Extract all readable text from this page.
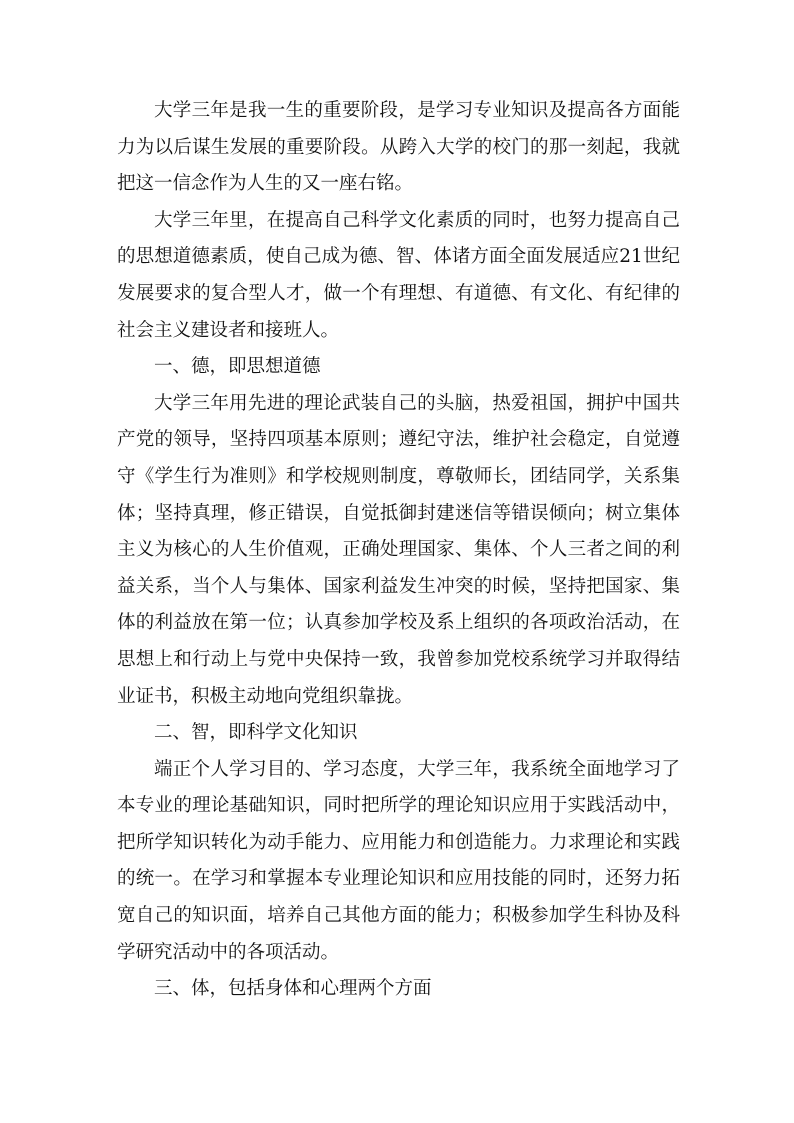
大学三年是我一生的重要阶段，是学习专业知识及提高各方面能力为以后谋生发展的重要阶段。从跨入大学的校门的那一刻起，我就把这一信念作为人生的又一座右铭。

大学三年里，在提高自己科学文化素质的同时，也努力提高自己的思想道德素质，使自己成为德、智、体诸方面全面发展适应21世纪发展要求的复合型人才，做一个有理想、有道德、有文化、有纪律的社会主义建设者和接班人。

一、德，即思想道德

大学三年用先进的理论武装自己的头脑，热爱祖国，拥护中国共产党的领导，坚持四项基本原则；遵纪守法，维护社会稳定，自觉遵守《学生行为准则》和学校规则制度，尊敬师长，团结同学，关系集体；坚持真理，修正错误，自觉抵御封建迷信等错误倾向；树立集体主义为核心的人生价值观，正确处理国家、集体、个人三者之间的利益关系，当个人与集体、国家利益发生冲突的时候，坚持把国家、集体的利益放在第一位；认真参加学校及系上组织的各项政治活动，在思想上和行动上与党中央保持一致，我曾参加党校系统学习并取得结业证书，积极主动地向党组织靠拢。

二、智，即科学文化知识

端正个人学习目的、学习态度，大学三年，我系统全面地学习了本专业的理论基础知识，同时把所学的理论知识应用于实践活动中，把所学知识转化为动手能力、应用能力和创造能力。力求理论和实践的统一。在学习和掌握本专业理论知识和应用技能的同时，还努力拓宽自己的知识面，培养自己其他方面的能力；积极参加学生科协及科学研究活动中的各项活动。

三、体，包括身体和心理两个方面
